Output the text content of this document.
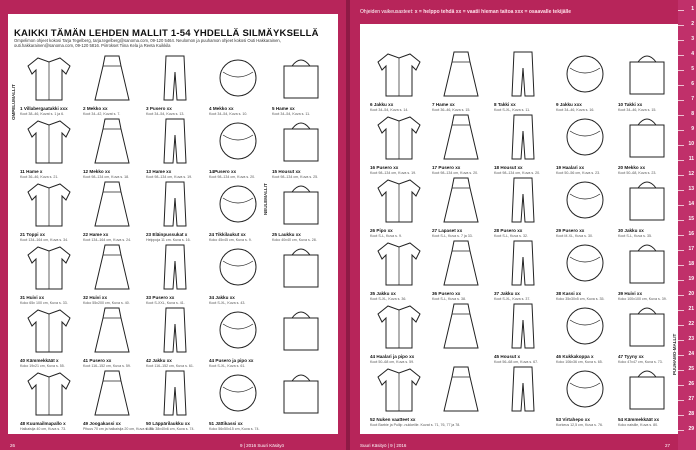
KAIKKI TÄMÄN LEHDEN MALLIT 1-54 YHDELLÄ SILMÄYKSELLÄ
Ompelimon ohjeet kokosi Tarja Tegelberg, tarja.tegelberg@sanoma.com, 09-120 5464. Neulomon ja puuhamon ohjeet kokosi Outi Hakkarainen, outi.hakkarainen@sanoma.com, 09-120 5816. Piirrokset Tiina Kela ja Reeta Kuikkila
OMPELUMALLIT
NEULEMALLIT
1 Villabergaatakki xxx
Koot 38–46, Kuvat s. 1 ja 6.
2 Mekko xx
Koot 34–42, Kuvat s. 7.
3 Pusero xx
Koot 34–54, Kuva s. 13.
4 Mekko xx
Koot 34–54, Kuva s. 10.
5 Hame xx
Koot 34–54, Kuva s. 11.
11 Hame x
Koot 36–46, Kuva s. 21.
12 Mekko xx
Koot 98–134 cm, Kuva s. 18.
13 Hame xx
Koot 98–134 cm, Kuva s. 19.
14Pusero xx
Koot 98–134 cm, Kuva s. 20.
15 Housut xx
Koot 98–134 cm, Kuva s. 25.
21 Toppi xx
Koot 134–164 cm, Kuva s. 34.
22 Hame xx
Koot 134–164 cm, Kuva s. 24.
23 Eläinpussukat x
Helppoja 11 cm. Kuva s. 16.
24 Tikkilaukut xx
Koko 45x45 cm, Kuva s. 9.
25 Laukku xx
Koko 40x40 cm, Kuva s. 28.
31 Huivi xx
Koko 65x 100 cm, Kuva s. 33.
32 Huivi xx
Koko 55x200 cm, Kuva s. 40.
33 Pusero xx
Koot S-XXL, Kuva s. 41.
34 Jakku xx
Koot S-XL, Kuva s. 43.
40 Kämmekkäät x
Koko 19x21 cm, Kuva s. 55.
41 Pusero xx
Koot 116–152 cm, Kuva s. 59.
42 Jakku xx
Koot 116–152 cm, Kuva s. 61.
44 Pusero ja pipo xx
Koot S-XL, Kuva s. 61.
48 Kuumailmapallo x
Halkaisija 40 cm, Kuva s. 73.
49 Joogakassi xx
Pituus 70 cm ja halkaisija 20 cm, Kuva s. 75.
50 Läppärilaukku xx
Koko 38x40x6 cm, Kuva s. 74.
51 Jättikassi xx
Koko 56x50x15 cm, Kuva s. 74.
26	9 | 2016 Suuri Käsityö
Ohjeiden vaikeusasteet: x = helppo tehdä xx = vaatii hieman taitoa xxx = osaavalle tekijälle
PUUHAMO-MALLIT
6 Jakku xx
Koot 34–54, Kuva s. 14.
7 Hame xx
Koot 36–46, Kuva s. 15.
8 Takki xx
Koot S-XL, Kuva s. 11.
9 Jakku xxx
Koot 34–46, Kuva s. 16.
10 Takki xx
Koot 34–46, Kuva s. 15.
16 Pusero xx
Koot 98–134 cm, Kuva s. 19.
17 Pusero xx
Koot 98–134 cm, Kuva s. 20.
18 Housut xx
Koot 98–134 cm, Kuva s. 20.
19 Haalari xx
Koot 50–56 cm, Kuva s. 23.
20 Mekko xx
Koot 50–68, Kuva s. 23.
26 Pipo xx
Koot S-L, Kuva s. 9.
27 Lapaset xx
Koot S-L, Kuva s. 7 ja 33.
28 Pusero xx
Koot S-L, Kuva s. 32.
29 Pusero xx
Koot M-XL, Kuva s. 30.
30 Jakku xx
Koot S-L, Kuva s. 35.
35 Jakku xx
Koot S-XL, Kuva s. 36.
36 Pusero xx
Koot S-L, Kuva s. 38.
37 Jakku xx
Koot S-XL, Kuva s. 37.
38 Kassi xx
Koko 35x30x5 cm, Kuva s. 35.
39 Huivi xx
Koko 100x100 cm, Kuva s. 39.
44 Haalari ja pipo xx
Koot 50–68 cm, Kuva s. 59.
45 Housut x
Koot 56–68 cm, Kuva s. 67.
46 Kukkakoppa x
Koko 106x36 cm, Kuva s. 65.
47 Tyyny xx
Koko 47x47 cm, Kuva s. 73.
52 Nuken vaatteet xx
Koot Barbie ja Pullip -nukkeille. Kuvat s. 71, 76, 77 ja 78.
53 Virtahepo xx
Korkeus 12,5 cm, Kuva s. 76.
54 Kämmekkäät xx
Koko naisille, Kuva s. 80.
Suuri Käsityö | 9 | 2016	27
1
2
3
4
5
6
7
8
9
10
11
12
13
14
15
16
17
18
19
20
21
22
23
24
25
26
27
28
29
